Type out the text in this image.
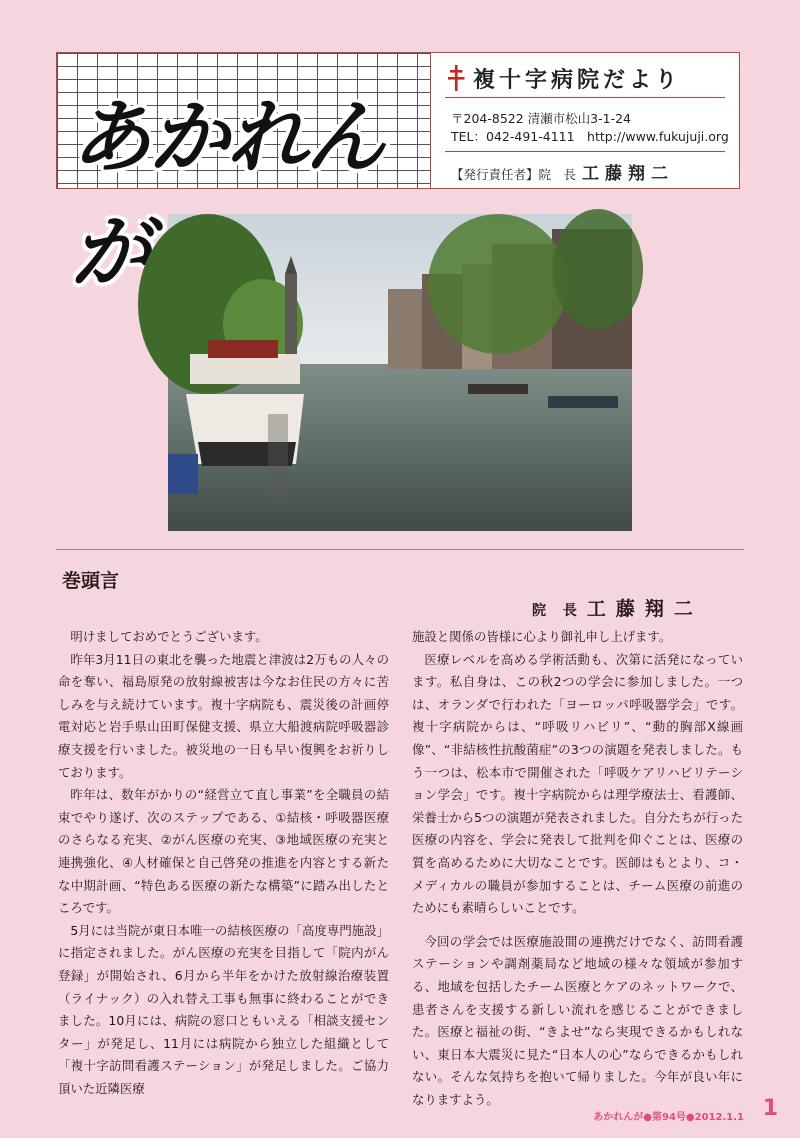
あかれんが
複十字病院だより
〒204-8522 清瀬市松山3-1-24
TEL：042-491-4111　http://www.fukujuji.org
【発行責任者】院　長 工藤翔二
巻頭言
院 長 工藤翔二

明けましておめでとうございます。

昨年3月11日の東北を襲った地震と津波は2万もの人々の命を奪い、福島原発の放射線被害は今なお住民の方々に苦しみを与え続けています。複十字病院も、震災後の計画停電対応と岩手県山田町保健支援、県立大船渡病院呼吸器診療支援を行いました。被災地の一日も早い復興をお祈りしております。

昨年は、数年がかりの“経営立て直し事業”を全職員の結束でやり遂げ、次のステップである、①結核・呼吸器医療のさらなる充実、②がん医療の充実、③地域医療の充実と連携強化、④人材確保と自己啓発の推進を内容とする新たな中期計画、“特色ある医療の新たな構築”に踏み出したところです。

5月には当院が東日本唯一の結核医療の「高度専門施設」に指定されました。がん医療の充実を目指して「院内がん登録」が開始され、6月から半年をかけた放射線治療装置（ライナック）の入れ替え工事も無事に終わることができました。10月には、病院の窓口ともいえる「相談支援センター」が発足し、11月には病院から独立した組織として「複十字訪問看護ステーション」が発足しました。ご協力頂いた近隣医療

施設と関係の皆様に心より御礼申し上げます。

医療レベルを高める学術活動も、次第に活発になっています。私自身は、この秋2つの学会に参加しました。一つは、オランダで行われた「ヨーロッパ呼吸器学会」です。複十字病院からは、“呼吸リハビリ”、“動的胸部X線画像”、“非結核性抗酸菌症”の3つの演題を発表しました。もう一つは、松本市で開催された「呼吸ケアリハビリテーション学会」です。複十字病院からは理学療法士、看護師、栄養士から5つの演題が発表されました。自分たちが行った医療の内容を、学会に発表して批判を仰ぐことは、医療の質を高めるために大切なことです。医師はもとより、コ・メディカルの職員が参加することは、チーム医療の前進のためにも素晴らしいことです。

今回の学会では医療施設間の連携だけでなく、訪問看護ステーションや調剤薬局など地域の様々な領域が参加する、地域を包括したチーム医療とケアのネットワークで、患者さんを支援する新しい流れを感じることができました。医療と福祉の街、“きよせ”なら実現できるかもしれない、東日本大震災に見た“日本人の心”ならできるかもしれない。そんな気持ちを抱いて帰りました。今年が良い年になりますよう。

あかれんが●第94号●2012.1.1 1
